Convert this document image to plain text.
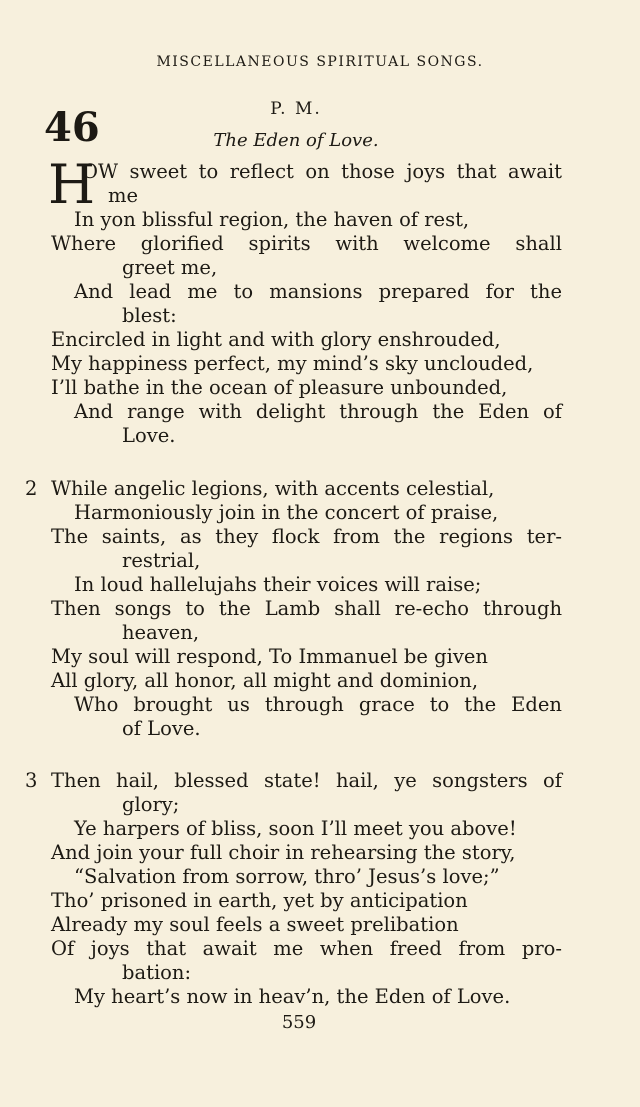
MISCELLANEOUS SPIRITUAL SONGS.
46	P. M.
The Eden of Love.
H
OW sweet to reflect on those joys that await
me
In yon blissful region, the haven of rest,
Where glorified spirits with welcome shall
greet me,
And lead me to mansions prepared for the
blest:
Encircled in light and with glory enshrouded,
My happiness perfect, my mind’s sky unclouded,
I’ll bathe in the ocean of pleasure unbounded,
And range with delight through the Eden of
Love.
2 While angelic legions, with accents celestial,
Harmoniously join in the concert of praise,
The saints, as they flock from the regions ter-
restrial,
In loud hallelujahs their voices will raise;
Then songs to the Lamb shall re-echo through
heaven,
My soul will respond, To Immanuel be given
All glory, all honor, all might and dominion,
Who brought us through grace to the Eden
of Love.
3 Then hail, blessed state! hail, ye songsters of
glory;
Ye harpers of bliss, soon I’ll meet you above!
And join your full choir in rehearsing the story,
“Salvation from sorrow, thro’ Jesus’s love;”
Tho’ prisoned in earth, yet by anticipation
Already my soul feels a sweet prelibation
Of joys that await me when freed from pro-
bation:
My heart’s now in heav’n, the Eden of Love.
559
